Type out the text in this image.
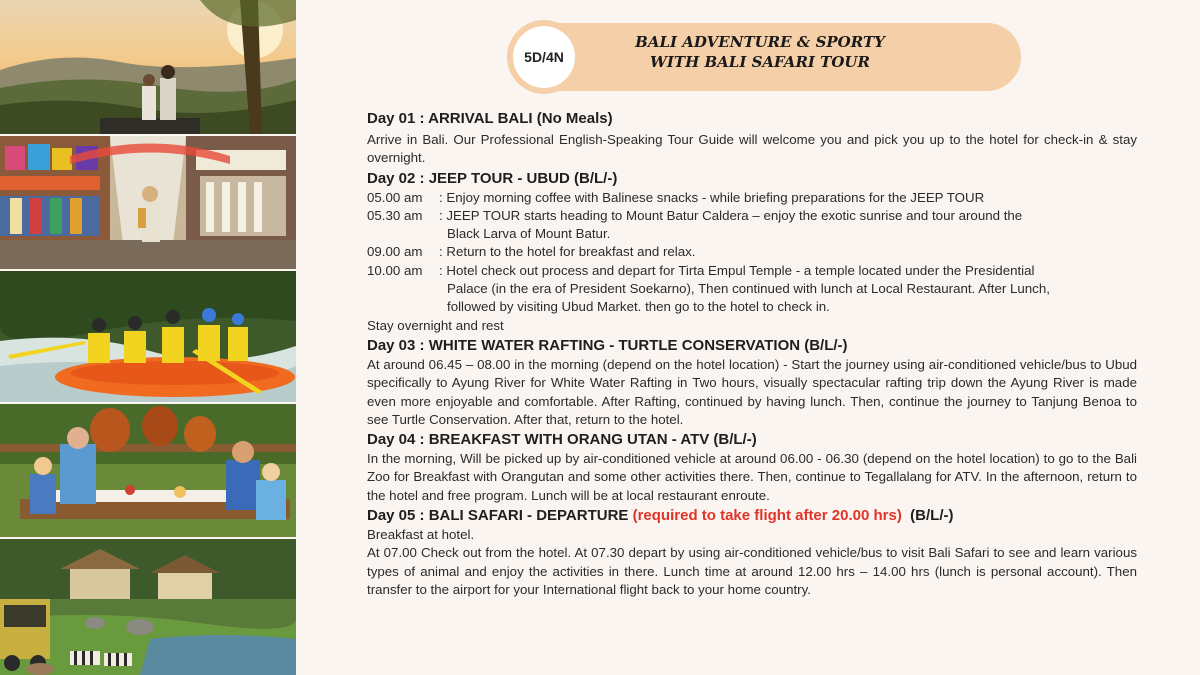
5D/4N
BALI ADVENTURE & SPORTY
WITH BALI SAFARI TOUR
Day 01 : ARRIVAL BALI (No Meals)

Arrive in Bali. Our Professional English-Speaking Tour Guide will welcome you and pick you up to the hotel for check-in & stay overnight.

Day 02 : JEEP TOUR - UBUD (B/L/-)
05.00 am	: Enjoy morning coffee with Balinese snacks - while briefing preparations for the JEEP TOUR
05.30 am	: JEEP TOUR starts heading to Mount Batur Caldera – enjoy the exotic sunrise and tour around the
Black Larva of Mount Batur.
09.00 am	: Return to the hotel for breakfast and relax.
10.00 am	: Hotel check out process and depart for Tirta Empul Temple - a temple located under the Presidential
Palace (in the era of President Soekarno), Then continued with lunch at Local Restaurant. After Lunch,
followed by visiting Ubud Market. then go to the hotel to check in.

Stay overnight and rest

Day 03 : WHITE WATER RAFTING - TURTLE CONSERVATION (B/L/-)

At around 06.45 – 08.00 in the morning (depend on the hotel location) - Start the journey using air-conditioned vehicle/bus to Ubud specifically to Ayung River for White Water Rafting in Two hours, visually spectacular rafting trip down the Ayung River is made even more enjoyable and comfortable. After Rafting, continued by having lunch. Then, continue the journey to Tanjung Benoa to see Turtle Conservation. After that, return to the hotel.

Day 04 : BREAKFAST WITH ORANG UTAN - ATV (B/L/-)

In the morning, Will be picked up by air-conditioned vehicle at around 06.00 - 06.30 (depend on the hotel location) to go to the Bali Zoo for Breakfast with Orangutan and some other activities there. Then, continue to Tegallalang for ATV. In the afternoon, return to the hotel and free program. Lunch will be at local restaurant enroute.

Day 05 : BALI SAFARI - DEPARTURE (required to take flight after 20.00 hrs)  (B/L/-)

Breakfast at hotel.

At 07.00 Check out from the hotel. At 07.30 depart by using air-conditioned vehicle/bus to visit Bali Safari to see and learn various types of animal and enjoy the activities in there. Lunch time at around 12.00 hrs – 14.00 hrs (lunch is personal account). Then transfer to the airport for your International flight back to your home country.
